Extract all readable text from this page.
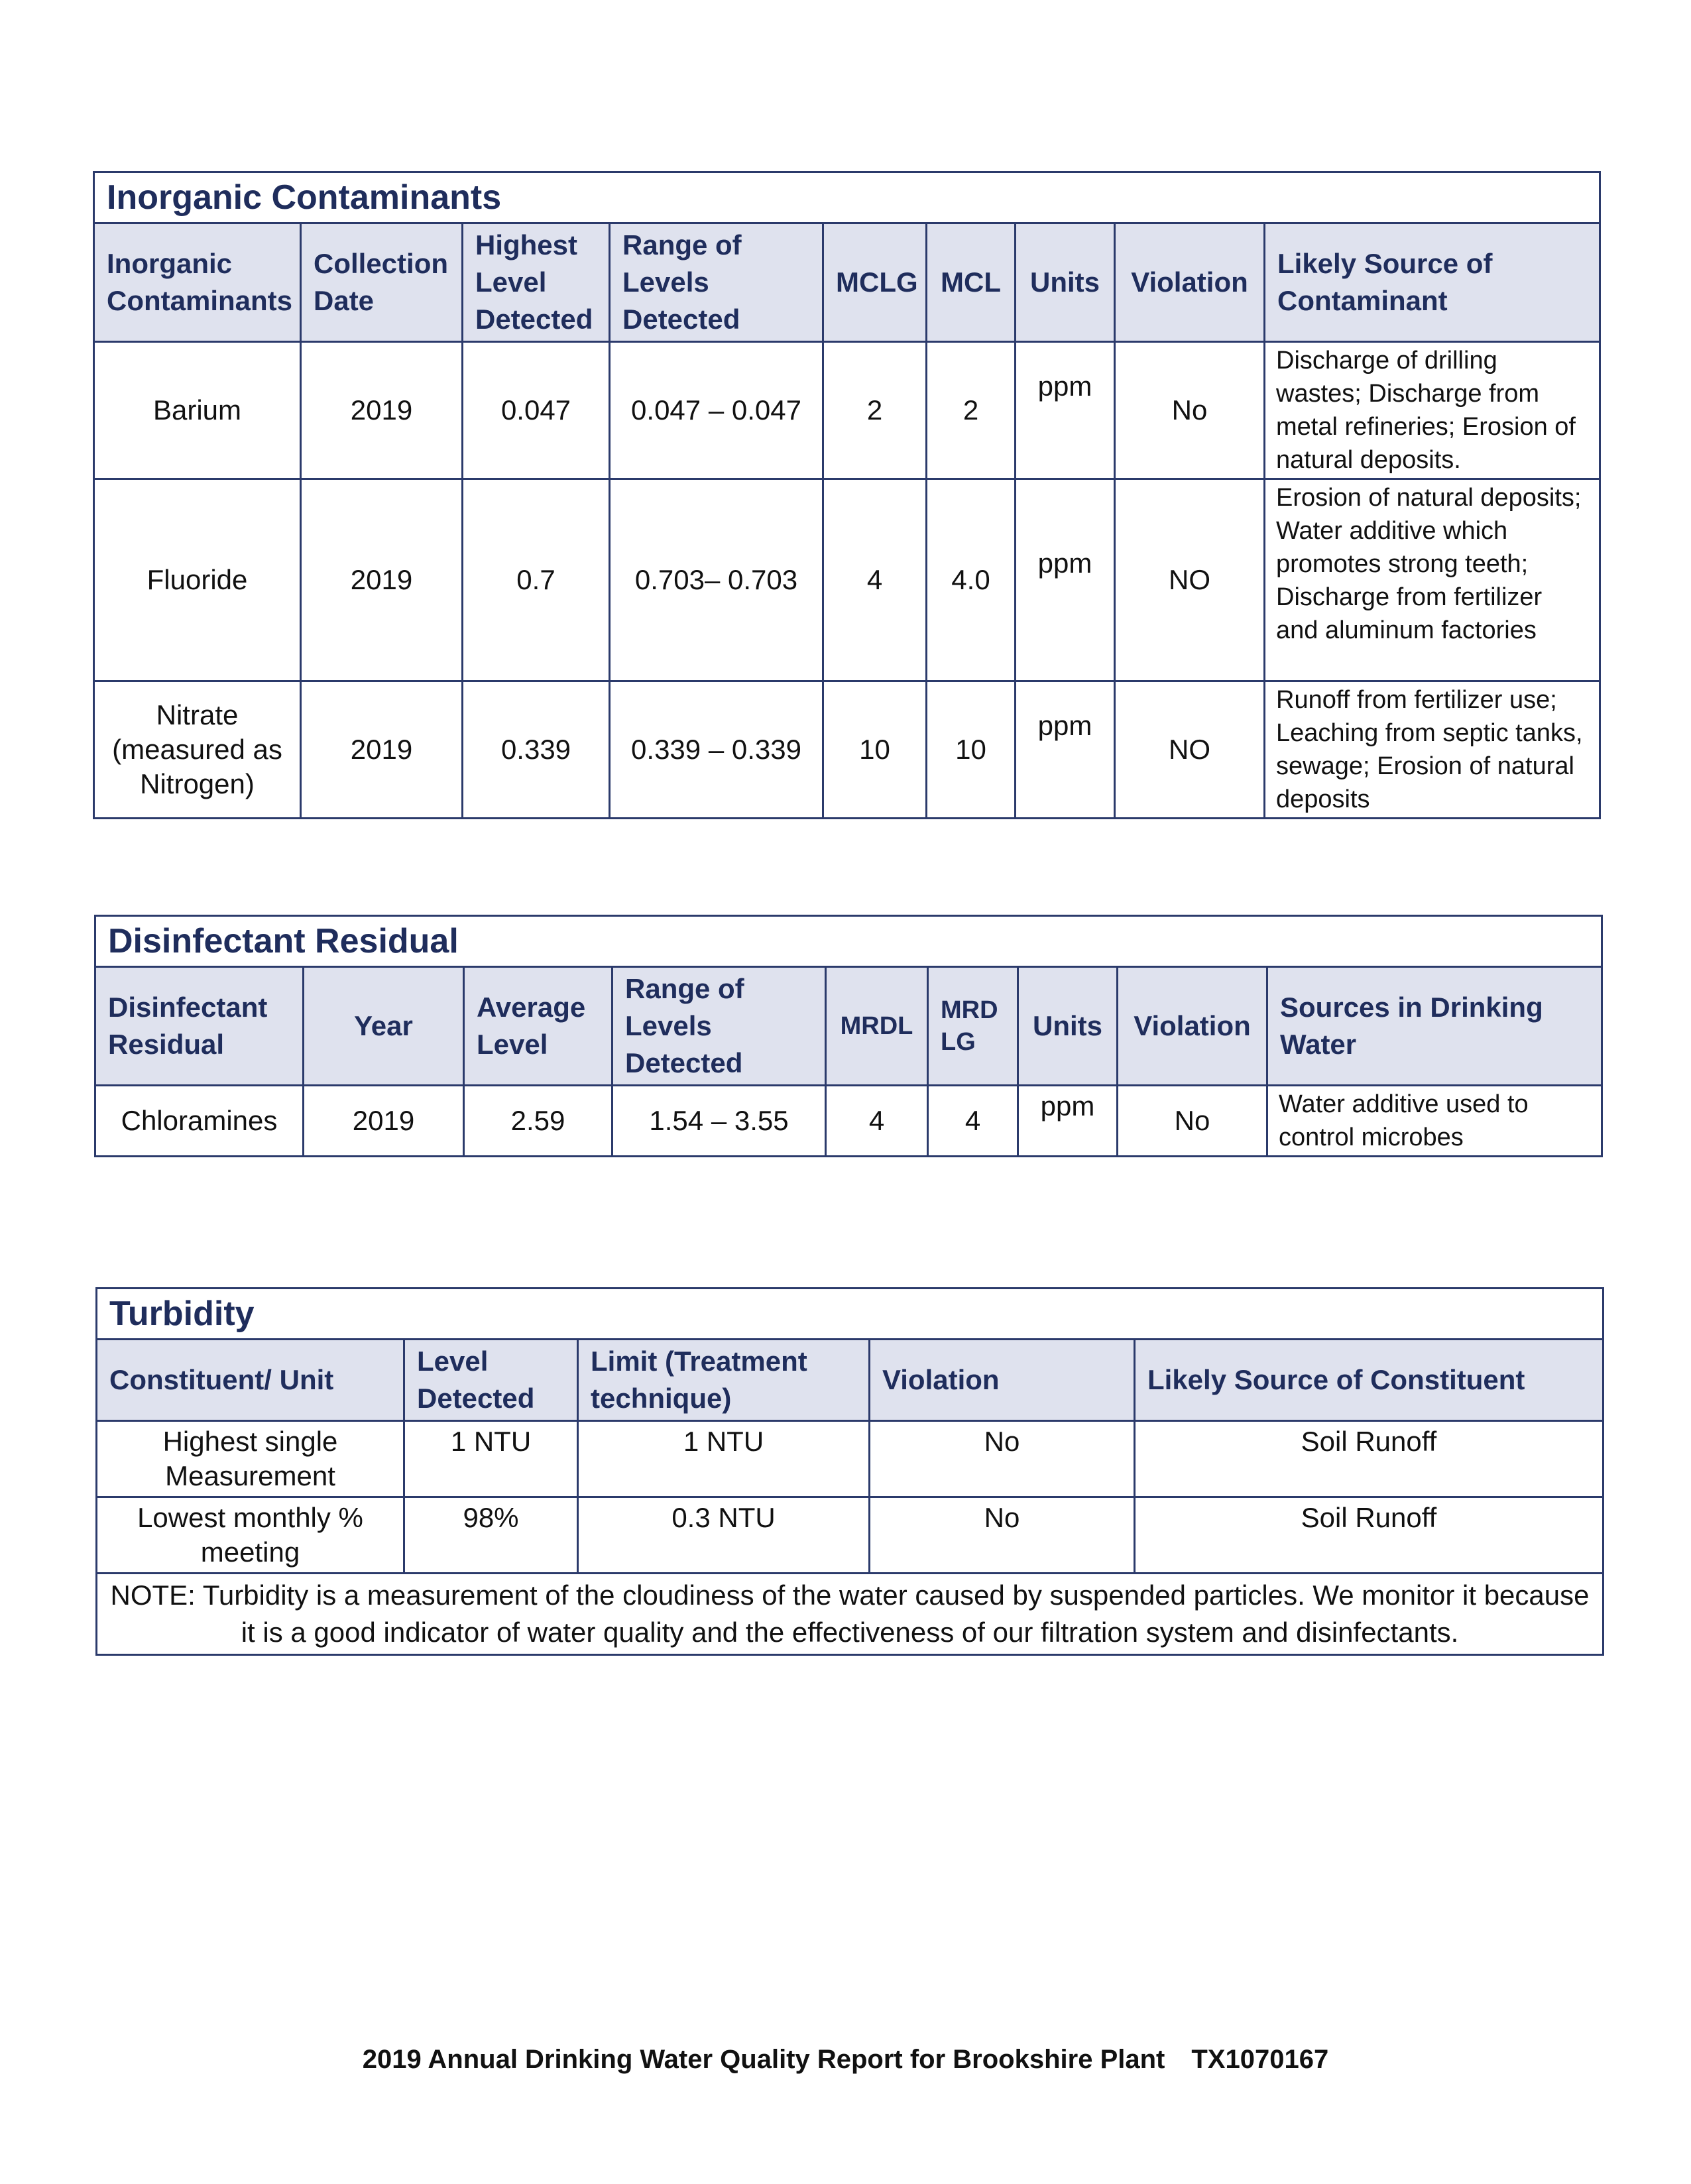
Inorganic Contaminants								
Inorganic Contaminants	Collection Date	Highest Level Detected	Range of Levels Detected	MCLG	MCL	Units	Violation	Likely Source of Contaminant
Barium	2019	0.047	0.047 – 0.047	2	2	ppm	No	Discharge of drilling wastes; Discharge from metal refineries; Erosion of natural deposits.
Fluoride	2019	0.7	0.703– 0.703	4	4.0	ppm	NO	Erosion of natural deposits; Water additive which promotes strong teeth; Discharge from fertilizer and aluminum factories
Nitrate (measured as Nitrogen)	2019	0.339	0.339 – 0.339	10	10	ppm	NO	Runoff from fertilizer use; Leaching from septic tanks, sewage; Erosion of natural deposits
Disinfectant Residual								
Disinfectant Residual	Year	Average Level	Range of Levels Detected	MRDL	MRD LG	Units	Violation	Sources in Drinking Water
Chloramines	2019	2.59	1.54 – 3.55	4	4	ppm	No	Water additive used to control microbes
Turbidity				
Constituent/ Unit	Level Detected	Limit (Treatment technique)	Violation	Likely Source of Constituent
Highest single Measurement	1 NTU	1 NTU	No	Soil Runoff
Lowest monthly % meeting	98%	0.3 NTU	No	Soil Runoff
NOTE: Turbidity is a measurement of the cloudiness of the water caused by suspended particles. We monitor it because it is a good indicator of water quality and the effectiveness of our filtration system and disinfectants.				
2019 Annual Drinking Water Quality Report for Brookshire Plant TX1070167
